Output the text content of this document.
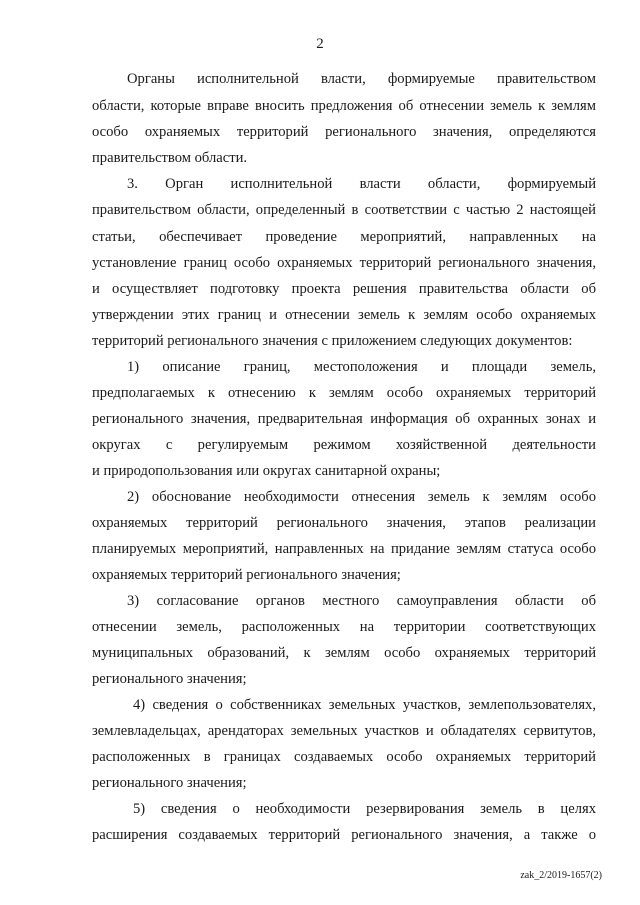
2
Органы исполнительной власти, формируемые правительством
области, которые вправе вносить предложения об отнесении земель к землям
особо охраняемых территорий регионального значения, определяются
правительством области.
3. Орган исполнительной власти области, формируемый
правительством области, определенный в соответствии с частью 2 настоящей
статьи, обеспечивает проведение мероприятий, направленных на
установление границ особо охраняемых территорий регионального значения,
и осуществляет подготовку проекта решения правительства области об
утверждении этих границ и отнесении земель к землям особо охраняемых
территорий регионального значения с приложением следующих документов:
1) описание границ, местоположения и площади земель,
предполагаемых к отнесению к землям особо охраняемых территорий
регионального значения, предварительная информация об охранных зонах и
округах с регулируемым режимом хозяйственной деятельности
и природопользования или округах санитарной охраны;
2) обоснование необходимости отнесения земель к землям особо
охраняемых территорий регионального значения, этапов реализации
планируемых мероприятий, направленных на придание землям статуса особо
охраняемых территорий регионального значения;
3) согласование органов местного самоуправления области об
отнесении земель, расположенных на территории соответствующих
муниципальных образований, к землям особо охраняемых территорий
регионального значения;
4) сведения о собственниках земельных участков, землепользователях,
землевладельцах, арендаторах земельных участков и обладателях сервитутов,
расположенных в границах создаваемых особо охраняемых территорий
регионального значения;
5) сведения о необходимости резервирования земель в целях
расширения создаваемых территорий регионального значения, а также о
zak_2/2019-1657(2)
